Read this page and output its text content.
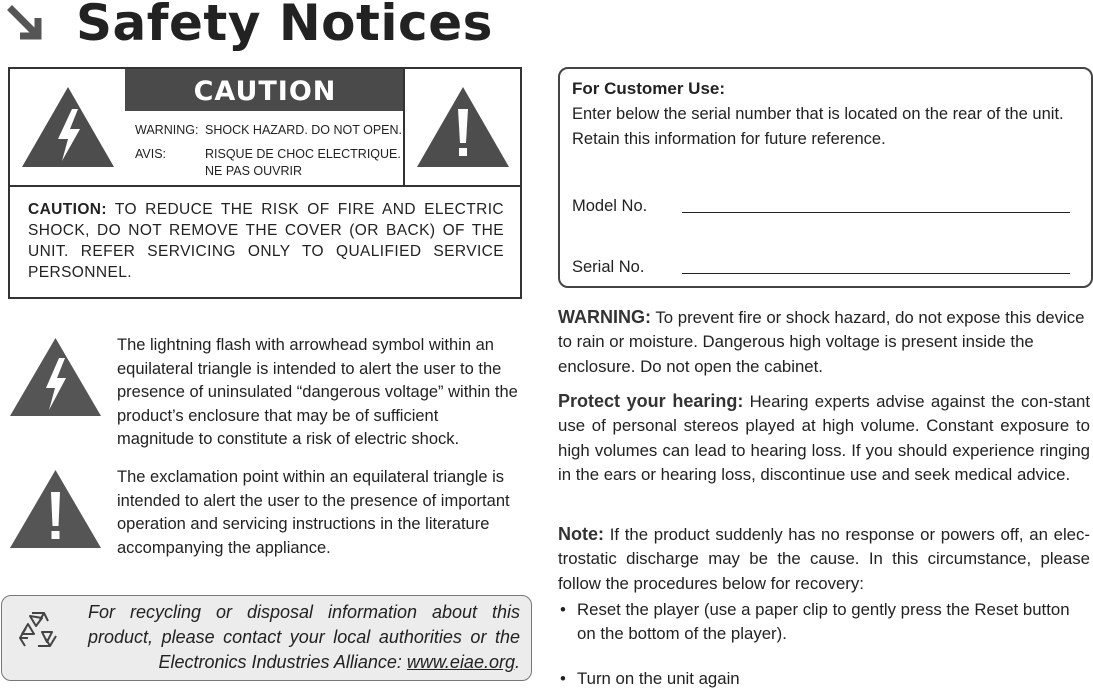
Safety Notices
CAUTION
WARNING: SHOCK HAZARD. DO NOT OPEN.
AVIS:	RISQUE DE CHOC ELECTRIQUE.
NE PAS OUVRIR
CAUTION: TO REDUCE THE RISK OF FIRE AND ELECTRIC SHOCK, DO NOT REMOVE THE COVER (OR BACK) OF THE UNIT. REFER SERVICING ONLY TO QUALIFIED SERVICE PERSONNEL.
The lightning flash with arrowhead symbol within an equilateral triangle is intended to alert the user to the presence of uninsulated “dangerous voltage” within the product’s enclosure that may be of sufficient magnitude to constitute a risk of electric shock.
The exclamation point within an equilateral triangle is intended to alert the user to the presence of important operation and servicing instructions in the literature accompanying the appliance.
For recycling or disposal information about this product, please contact your local authorities or the Electronics Industries Alliance: www.eiae.org.
For Customer Use:
Enter below the serial number that is located on the rear of the unit. Retain this information for future reference.
Model No.
Serial No.
WARNING: To prevent fire or shock hazard, do not expose this device to rain or moisture. Dangerous high voltage is present inside the enclosure. Do not open the cabinet.
Protect your hearing: Hearing experts advise against the con-stant use of personal stereos played at high volume. Constant exposure to high volumes can lead to hearing loss. If you should experience ringing in the ears or hearing loss, discontinue use and seek medical advice.
Note: If the product suddenly has no response or powers off, an elec-trostatic discharge may be the cause. In this circumstance, please follow the procedures below for recovery:
• Reset the player (use a paper clip to gently press the Reset button on the bottom of the player).
• Turn on the unit again
